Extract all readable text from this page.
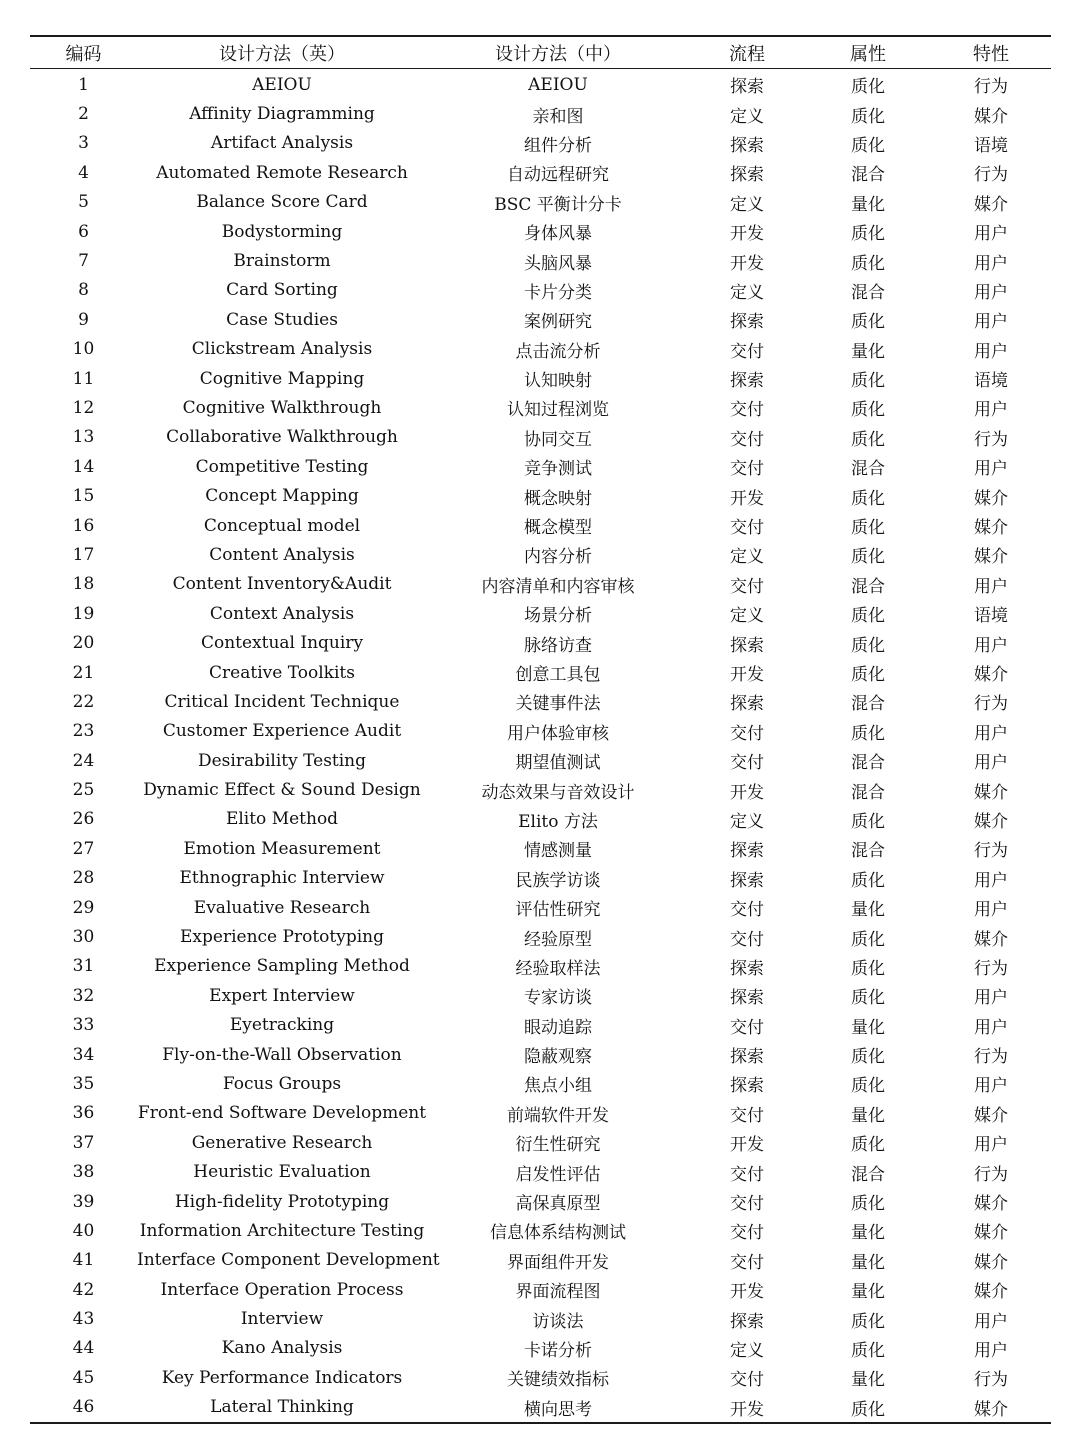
编码	设计方法（英）	设计方法（中）	流程	属性	特性
1	AEIOU	AEIOU	探索	质化	行为
2	Affinity Diagramming	亲和图	定义	质化	媒介
3	Artifact Analysis	组件分析	探索	质化	语境
4	Automated Remote Research	自动远程研究	探索	混合	行为
5	Balance Score Card	BSC 平衡计分卡	定义	量化	媒介
6	Bodystorming	身体风暴	开发	质化	用户
7	Brainstorm	头脑风暴	开发	质化	用户
8	Card Sorting	卡片分类	定义	混合	用户
9	Case Studies	案例研究	探索	质化	用户
10	Clickstream Analysis	点击流分析	交付	量化	用户
11	Cognitive Mapping	认知映射	探索	质化	语境
12	Cognitive Walkthrough	认知过程浏览	交付	质化	用户
13	Collaborative Walkthrough	协同交互	交付	质化	行为
14	Competitive Testing	竞争测试	交付	混合	用户
15	Concept Mapping	概念映射	开发	质化	媒介
16	Conceptual model	概念模型	交付	质化	媒介
17	Content Analysis	内容分析	定义	质化	媒介
18	Content Inventory&Audit	内容清单和内容审核	交付	混合	用户
19	Context Analysis	场景分析	定义	质化	语境
20	Contextual Inquiry	脉络访查	探索	质化	用户
21	Creative Toolkits	创意工具包	开发	质化	媒介
22	Critical Incident Technique	关键事件法	探索	混合	行为
23	Customer Experience Audit	用户体验审核	交付	质化	用户
24	Desirability Testing	期望值测试	交付	混合	用户
25	Dynamic Effect & Sound Design	动态效果与音效设计	开发	混合	媒介
26	Elito Method	Elito 方法	定义	质化	媒介
27	Emotion Measurement	情感测量	探索	混合	行为
28	Ethnographic Interview	民族学访谈	探索	质化	用户
29	Evaluative Research	评估性研究	交付	量化	用户
30	Experience Prototyping	经验原型	交付	质化	媒介
31	Experience Sampling Method	经验取样法	探索	质化	行为
32	Expert Interview	专家访谈	探索	质化	用户
33	Eyetracking	眼动追踪	交付	量化	用户
34	Fly-on-the-Wall Observation	隐蔽观察	探索	质化	行为
35	Focus Groups	焦点小组	探索	质化	用户
36	Front-end Software Development	前端软件开发	交付	量化	媒介
37	Generative Research	衍生性研究	开发	质化	用户
38	Heuristic Evaluation	启发性评估	交付	混合	行为
39	High-fidelity Prototyping	高保真原型	交付	质化	媒介
40	Information Architecture Testing	信息体系结构测试	交付	量化	媒介
41	Interface Component Development	界面组件开发	交付	量化	媒介
42	Interface Operation Process	界面流程图	开发	量化	媒介
43	Interview	访谈法	探索	质化	用户
44	Kano Analysis	卡诺分析	定义	质化	用户
45	Key Performance Indicators	关键绩效指标	交付	量化	行为
46	Lateral Thinking	横向思考	开发	质化	媒介
